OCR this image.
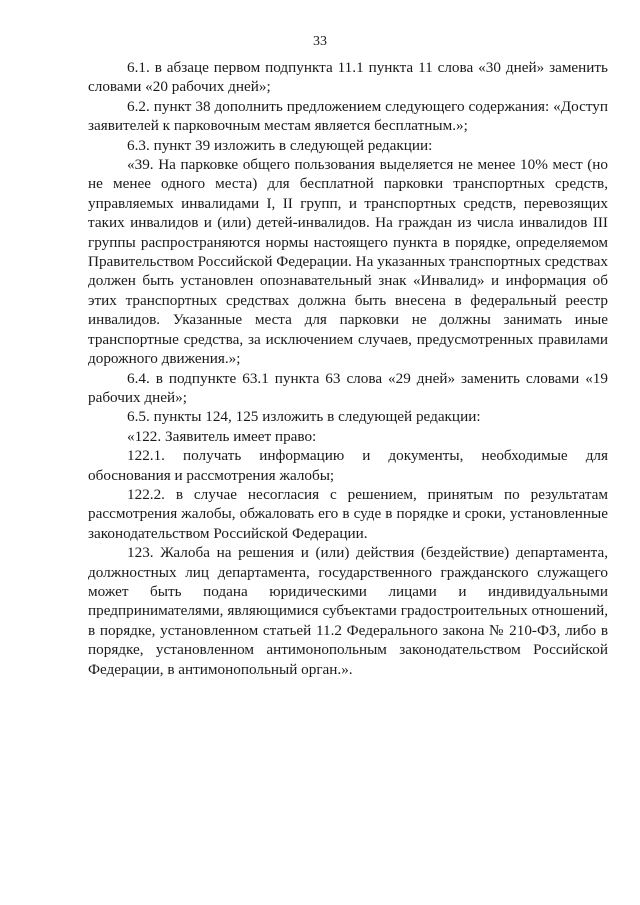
33

6.1. в абзаце первом подпункта 11.1 пункта 11 слова «30 дней» заменить словами «20 рабочих дней»;

6.2. пункт 38 дополнить предложением следующего содержания: «Доступ заявителей к парковочным местам является бесплатным.»;

6.3. пункт 39 изложить в следующей редакции:

«39. На парковке общего пользования выделяется не менее 10% мест (но не менее одного места) для бесплатной парковки транспортных средств, управляемых инвалидами I, II групп, и транспортных средств, перевозящих таких инвалидов и (или) детей-инвалидов. На граждан из числа инвалидов III группы распространяются нормы настоящего пункта в порядке, определяемом Правительством Российской Федерации. На указанных транспортных средствах должен быть установлен опознавательный знак «Инвалид» и информация об этих транспортных средствах должна быть внесена в федеральный реестр инвалидов. Указанные места для парковки не должны занимать иные транспортные средства, за исключением случаев, предусмотренных правилами дорожного движения.»;

6.4. в подпункте 63.1 пункта 63 слова «29 дней» заменить словами «19 рабочих дней»;

6.5. пункты 124, 125 изложить в следующей редакции:

«122. Заявитель имеет право:

122.1. получать информацию и документы, необходимые для обоснования и рассмотрения жалобы;

122.2. в случае несогласия с решением, принятым по результатам рассмотрения жалобы, обжаловать его в суде в порядке и сроки, установленные законодательством Российской Федерации.

123. Жалоба на решения и (или) действия (бездействие) департамента, должностных лиц департамента, государственного гражданского служащего может быть подана юридическими лицами и индивидуальными предпринимателями, являющимися субъектами градостроительных отношений, в порядке, установленном статьей 11.2 Федерального закона № 210-ФЗ, либо в порядке, установленном антимонопольным законодательством Российской Федерации, в антимонопольный орган.».
